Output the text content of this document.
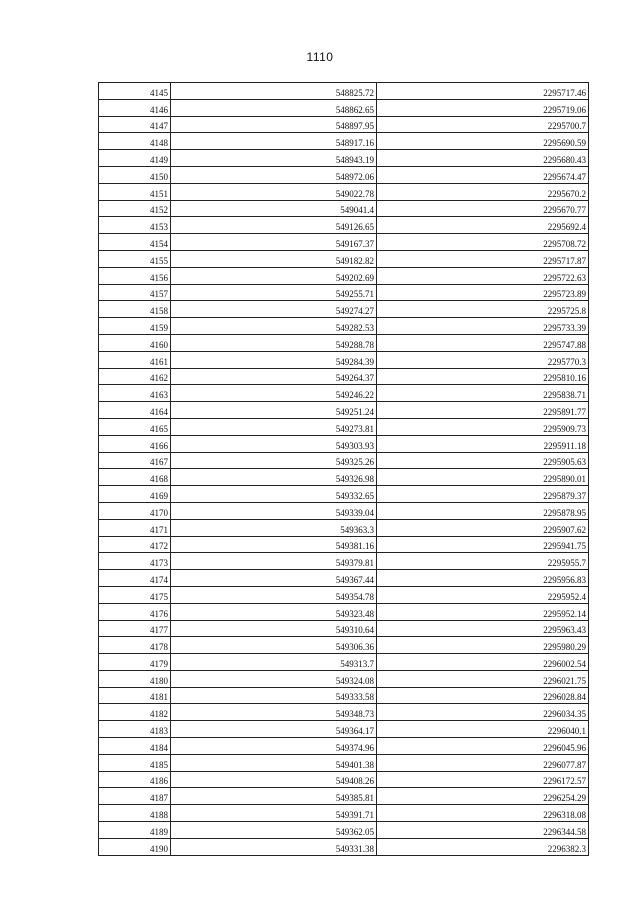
1110
4145	548825.72	2295717.46
4146	548862.65	2295719.06
4147	548897.95	2295700.7
4148	548917.16	2295690.59
4149	548943.19	2295680.43
4150	548972.06	2295674.47
4151	549022.78	2295670.2
4152	549041.4	2295670.77
4153	549126.65	2295692.4
4154	549167.37	2295708.72
4155	549182.82	2295717.87
4156	549202.69	2295722.63
4157	549255.71	2295723.89
4158	549274.27	2295725.8
4159	549282.53	2295733.39
4160	549288.78	2295747.88
4161	549284.39	2295770.3
4162	549264.37	2295810.16
4163	549246.22	2295838.71
4164	549251.24	2295891.77
4165	549273.81	2295909.73
4166	549303.93	2295911.18
4167	549325.26	2295905.63
4168	549326.98	2295890.01
4169	549332.65	2295879.37
4170	549339.04	2295878.95
4171	549363.3	2295907.62
4172	549381.16	2295941.75
4173	549379.81	2295955.7
4174	549367.44	2295956.83
4175	549354.78	2295952.4
4176	549323.48	2295952.14
4177	549310.64	2295963.43
4178	549306.36	2295980.29
4179	549313.7	2296002.54
4180	549324.08	2296021.75
4181	549333.58	2296028.84
4182	549348.73	2296034.35
4183	549364.17	2296040.1
4184	549374.96	2296045.96
4185	549401.38	2296077.87
4186	549408.26	2296172.57
4187	549385.81	2296254.29
4188	549391.71	2296318.08
4189	549362.05	2296344.58
4190	549331.38	2296382.3
